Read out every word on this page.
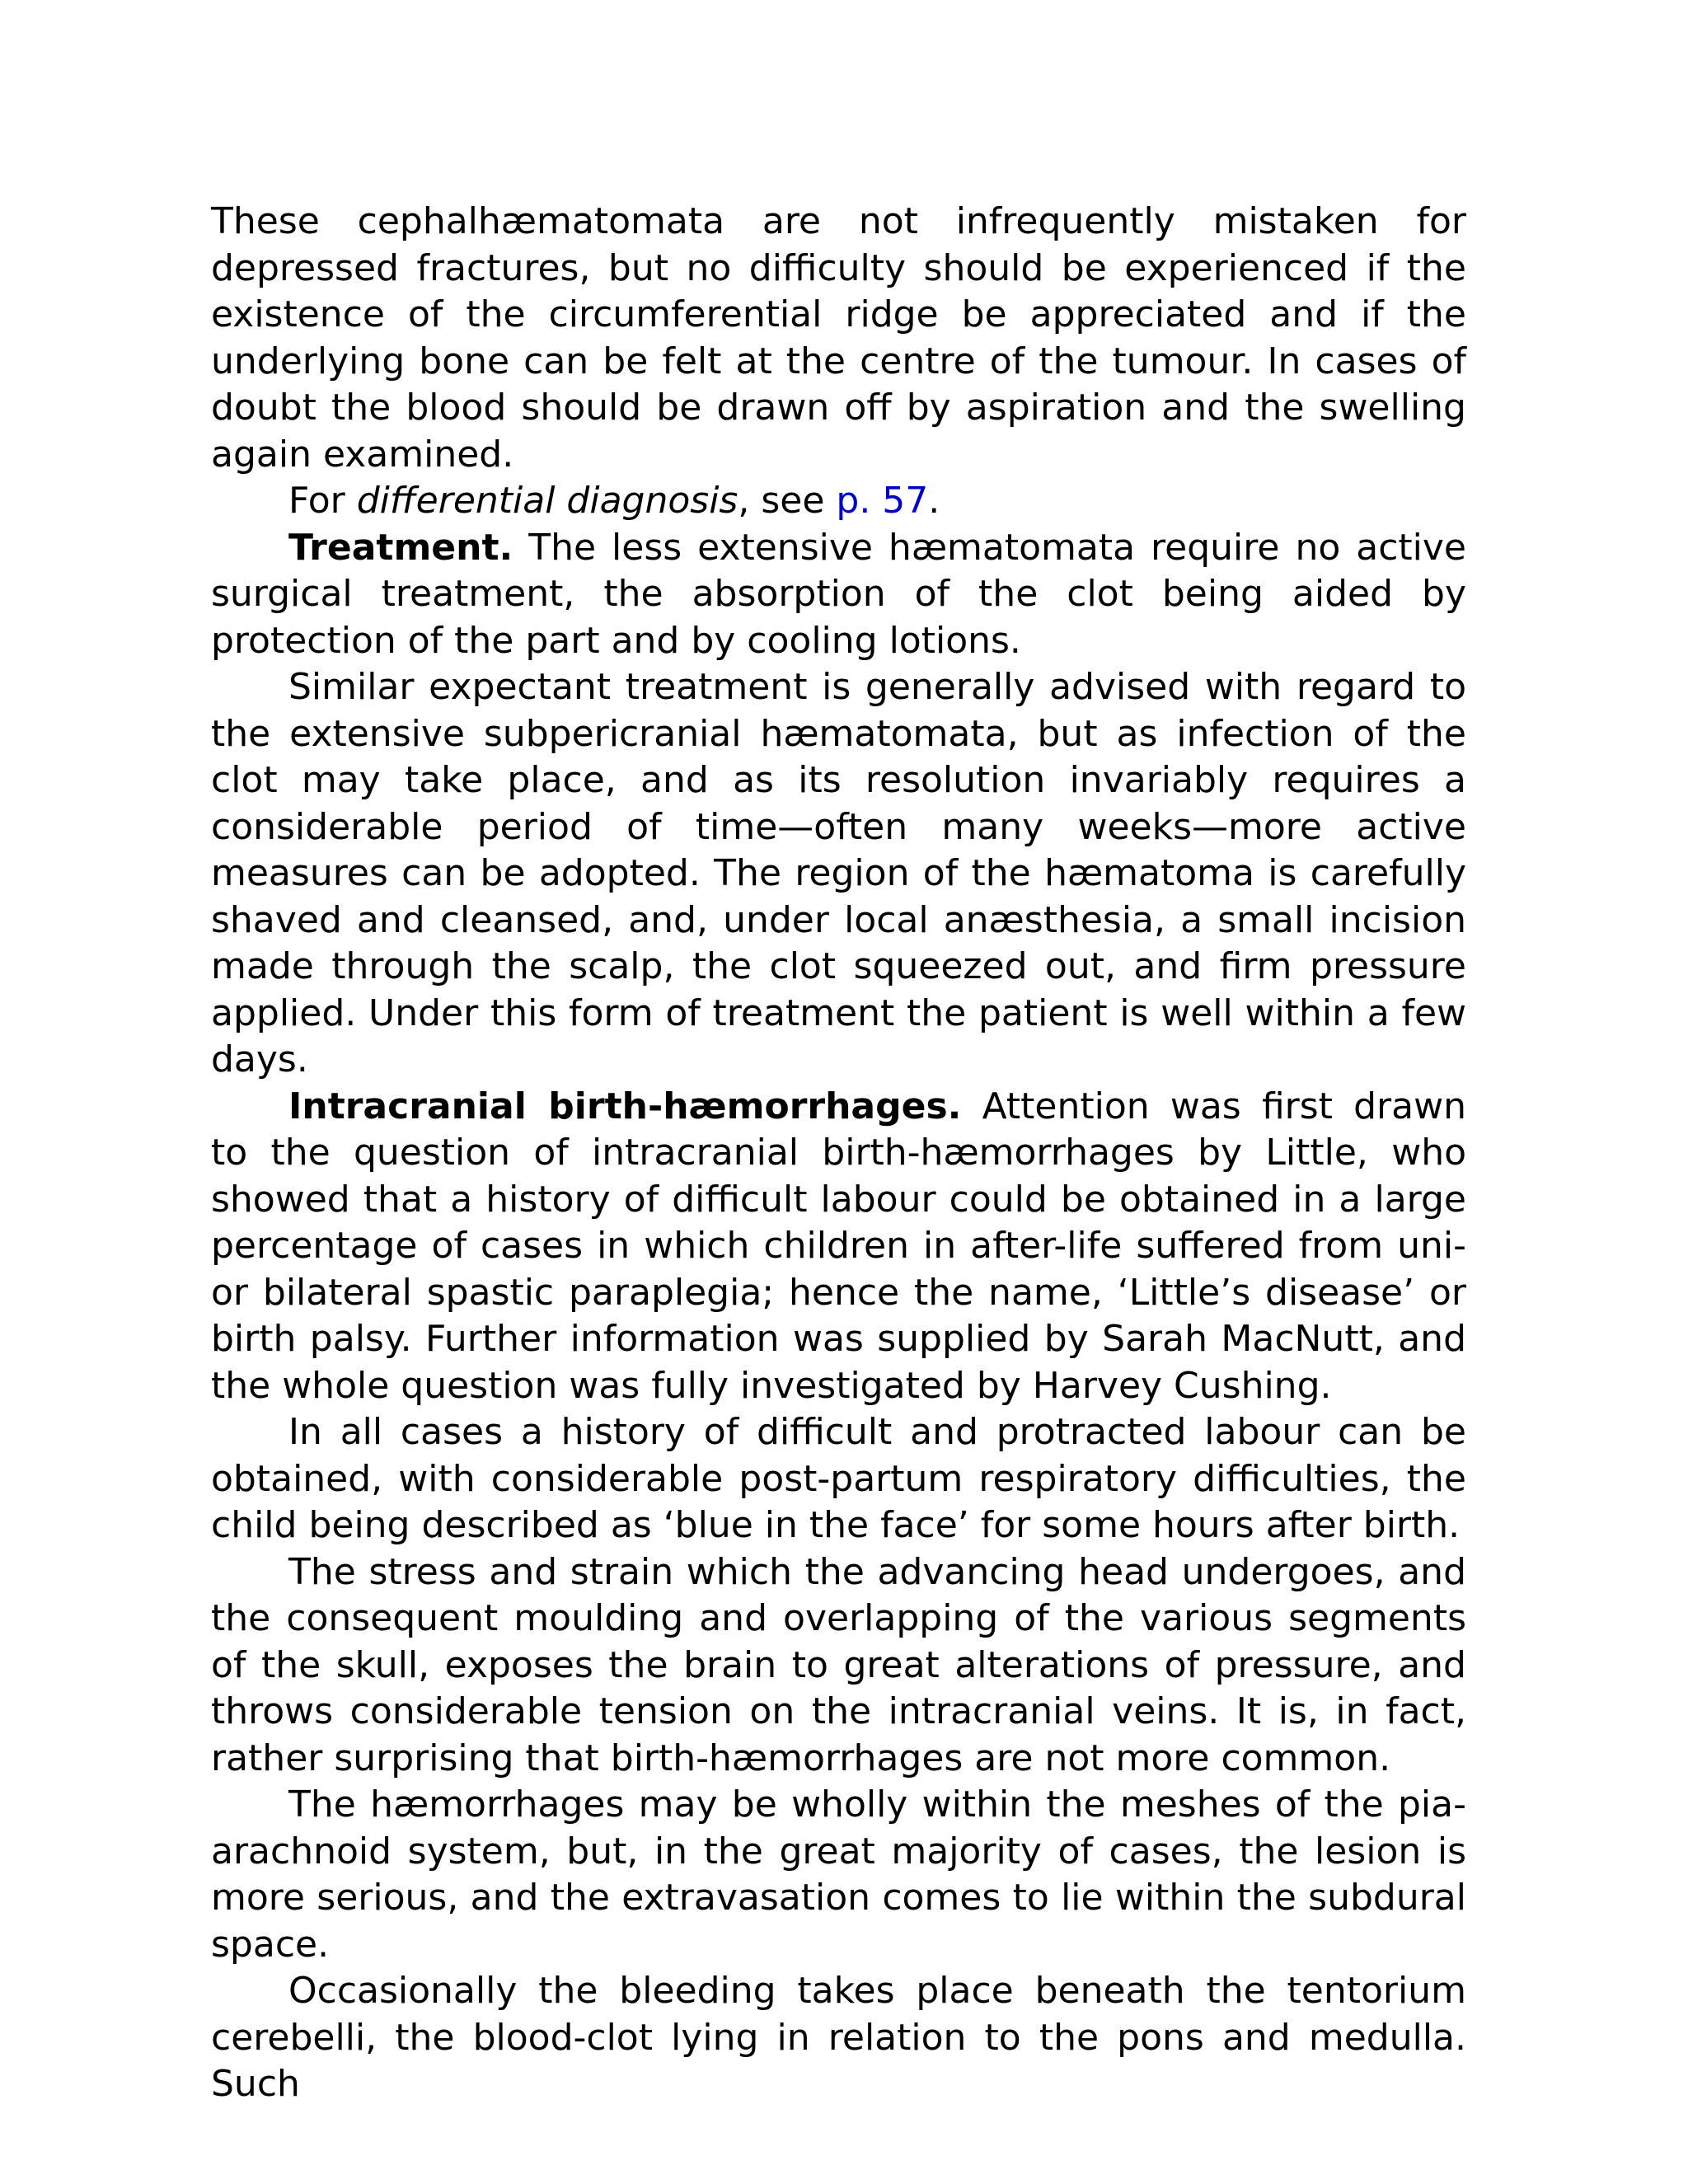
These cephalhæmatomata are not infrequently mistaken for depressed fractures, but no difficulty should be experienced if the existence of the circumferential ridge be appreciated and if the underlying bone can be felt at the centre of the tumour. In cases of doubt the blood should be drawn off by aspiration and the swelling again examined.

For differential diagnosis, see p. 57.

Treatment. The less extensive hæmatomata require no active surgical treatment, the absorption of the clot being aided by protection of the part and by cooling lotions.

Similar expectant treatment is generally advised with regard to the extensive subpericranial hæmatomata, but as infection of the clot may take place, and as its resolution invariably requires a considerable period of time—often many weeks—more active measures can be adopted. The region of the hæmatoma is carefully shaved and cleansed, and, under local anæsthesia, a small incision made through the scalp, the clot squeezed out, and firm pressure applied. Under this form of treatment the patient is well within a few days.

Intracranial birth-hæmorrhages. Attention was first drawn to the question of intracranial birth-hæmorrhages by Little, who showed that a history of difficult labour could be obtained in a large percentage of cases in which children in after-life suffered from uni- or bilateral spastic paraplegia; hence the name, ‘Little’s disease’ or birth palsy. Further information was supplied by Sarah MacNutt, and the whole question was fully investigated by Harvey Cushing.

In all cases a history of difficult and protracted labour can be obtained, with considerable post-partum respiratory difficulties, the child being described as ‘blue in the face’ for some hours after birth.

The stress and strain which the advancing head undergoes, and the consequent moulding and overlapping of the various segments of the skull, exposes the brain to great alterations of pressure, and throws considerable tension on the intracranial veins. It is, in fact, rather surprising that birth-hæmorrhages are not more common.

The hæmorrhages may be wholly within the meshes of the pia-arachnoid system, but, in the great majority of cases, the lesion is more serious, and the extravasation comes to lie within the subdural space.

Occasionally the bleeding takes place beneath the tentorium cerebelli, the blood-clot lying in relation to the pons and medulla. Such
